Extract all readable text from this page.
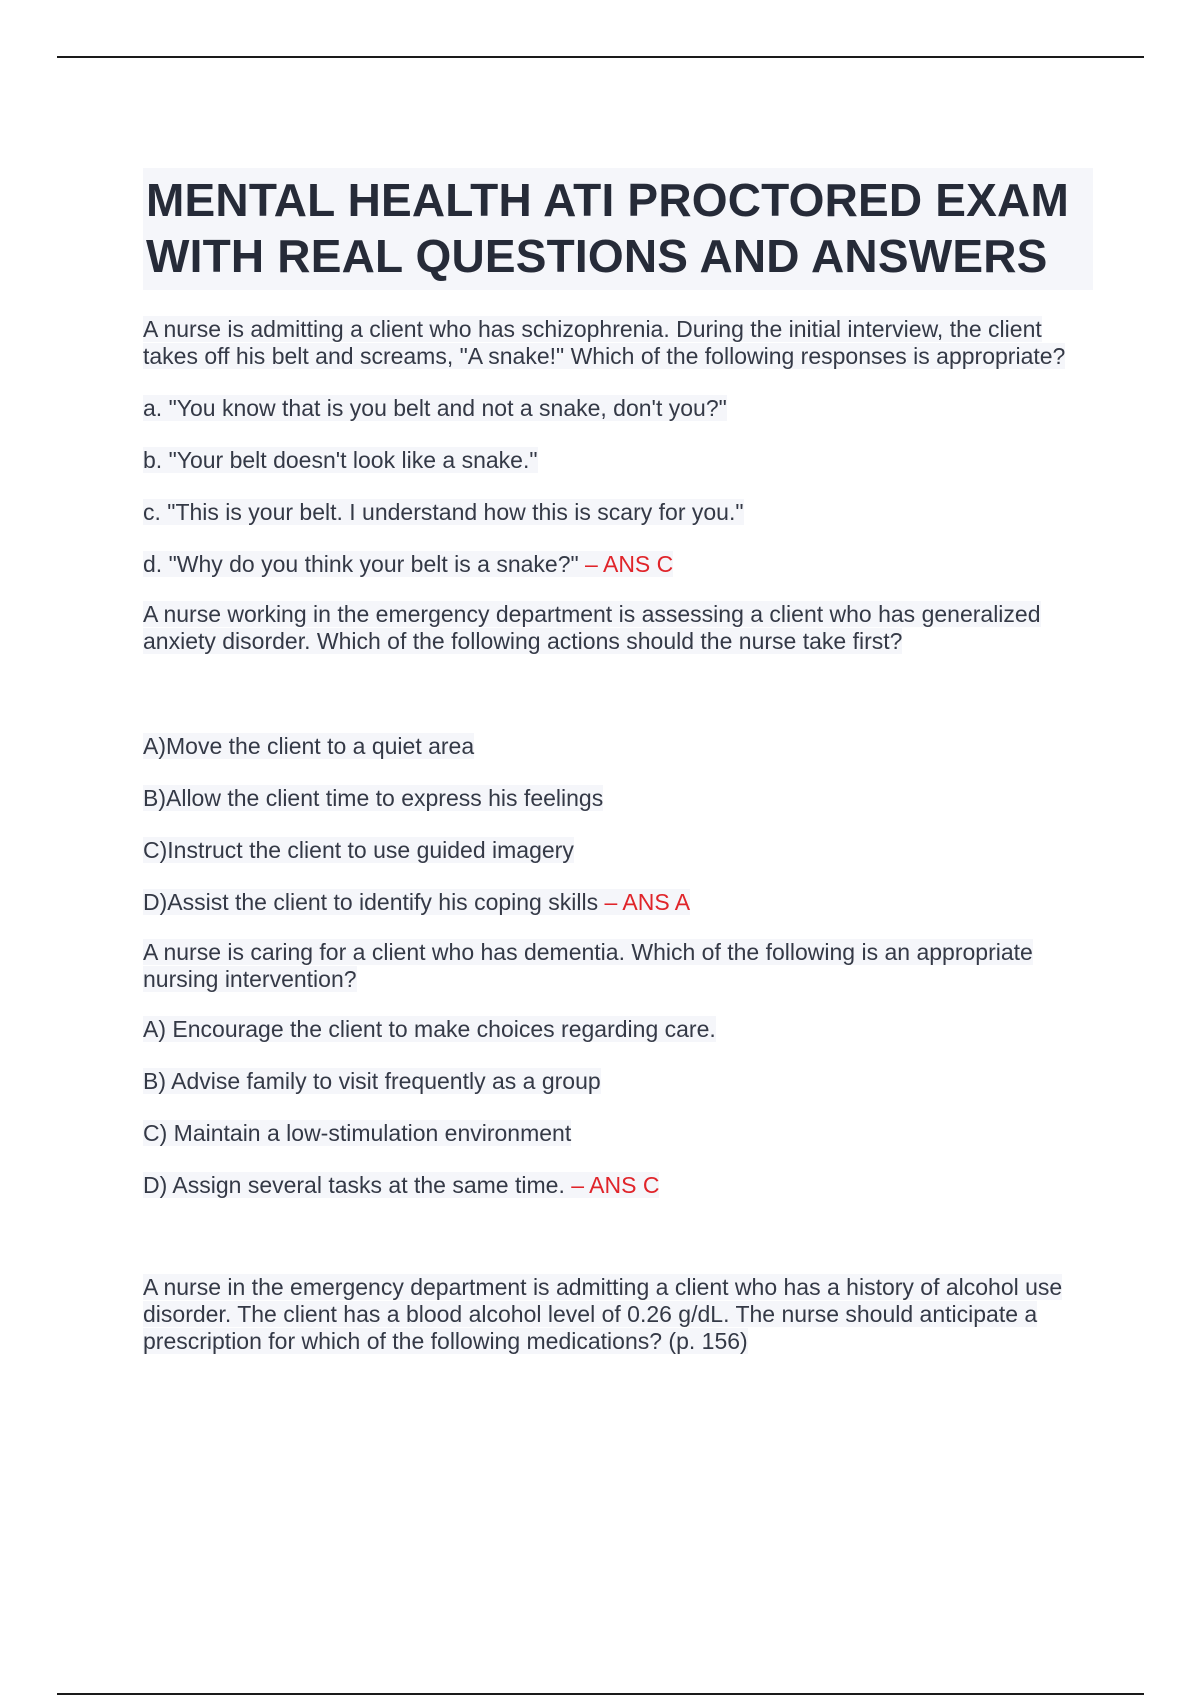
MENTAL HEALTH ATI PROCTORED EXAM WITH REAL QUESTIONS AND ANSWERS
A nurse is admitting a client who has schizophrenia. During the initial interview, the client takes off his belt and screams, "A snake!" Which of the following responses is appropriate?
a. "You know that is you belt and not a snake, don't you?"
b. "Your belt doesn't look like a snake."
c. "This is your belt. I understand how this is scary for you."
d. "Why do you think your belt is a snake?" – ANS C
A nurse working in the emergency department is assessing a client who has generalized anxiety disorder. Which of the following actions should the nurse take first?
A)Move the client to a quiet area
B)Allow the client time to express his feelings
C)Instruct the client to use guided imagery
D)Assist the client to identify his coping skills – ANS A
A nurse is caring for a client who has dementia. Which of the following is an appropriate nursing intervention?
A) Encourage the client to make choices regarding care.
B) Advise family to visit frequently as a group
C) Maintain a low-stimulation environment
D) Assign several tasks at the same time. – ANS C
A nurse in the emergency department is admitting a client who has a history of alcohol use disorder. The client has a blood alcohol level of 0.26 g/dL. The nurse should anticipate a prescription for which of the following medications? (p. 156)
